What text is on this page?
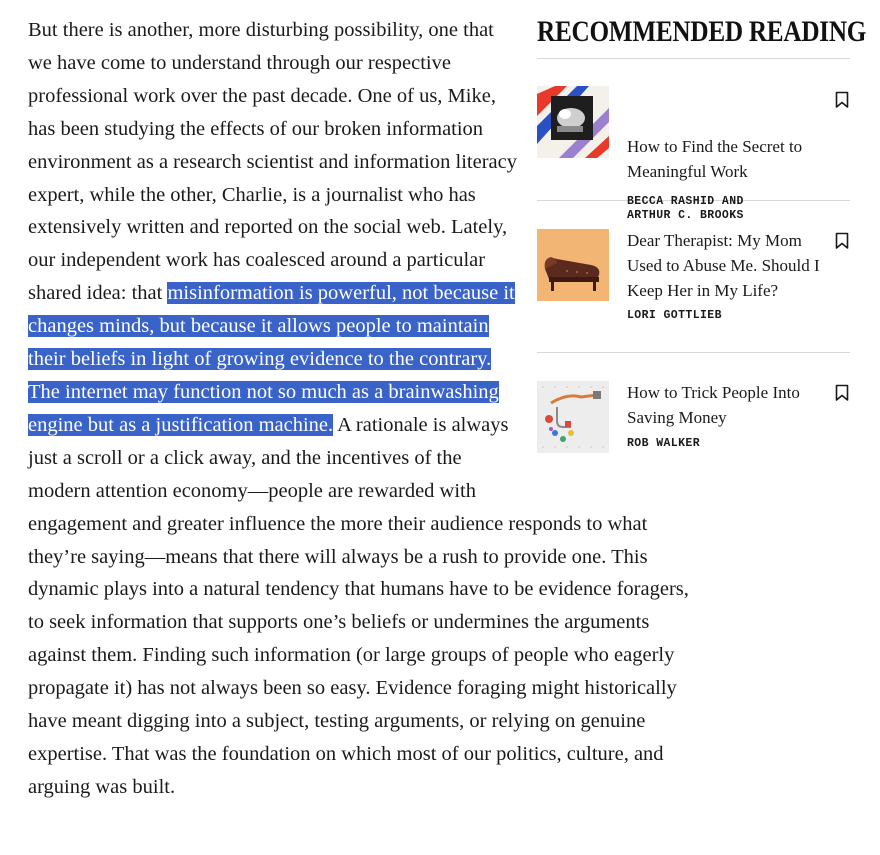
But there is another, more disturbing possibility, one that we have come to understand through our respective professional work over the past decade. One of us, Mike, has been studying the effects of our broken information environment as a research scientist and information literacy expert, while the other, Charlie, is a journalist who has extensively written and reported on the social web. Lately, our independent work has coalesced around a particular shared idea: that misinformation is powerful, not because it changes minds, but because it allows people to maintain their beliefs in light of growing evidence to the contrary. The internet may function not so much as a brainwashing engine but as a justification machine. A rationale is always just a scroll or a click away, and the incentives of the modern attention economy—people are rewarded with engagement and greater influence the more their audience responds to what they’re saying—means that there will always be a rush to provide one. This dynamic plays into a natural tendency that humans have to be evidence foragers, to seek information that supports one’s beliefs or undermines the arguments against them. Finding such information (or large groups of people who eagerly propagate it) has not always been so easy. Evidence foraging might historically have meant digging into a subject, testing arguments, or relying on genuine expertise. That was the foundation on which most of our politics, culture, and arguing was built.

RECOMMENDED READING
How to Find the Secret to Meaningful Work
BECCA RASHID AND
ARTHUR C. BROOKS
Dear Therapist: My Mom Used to Abuse Me. Should I Keep Her in My Life?
LORI GOTTLIEB
How to Trick People Into Saving Money
ROB WALKER
